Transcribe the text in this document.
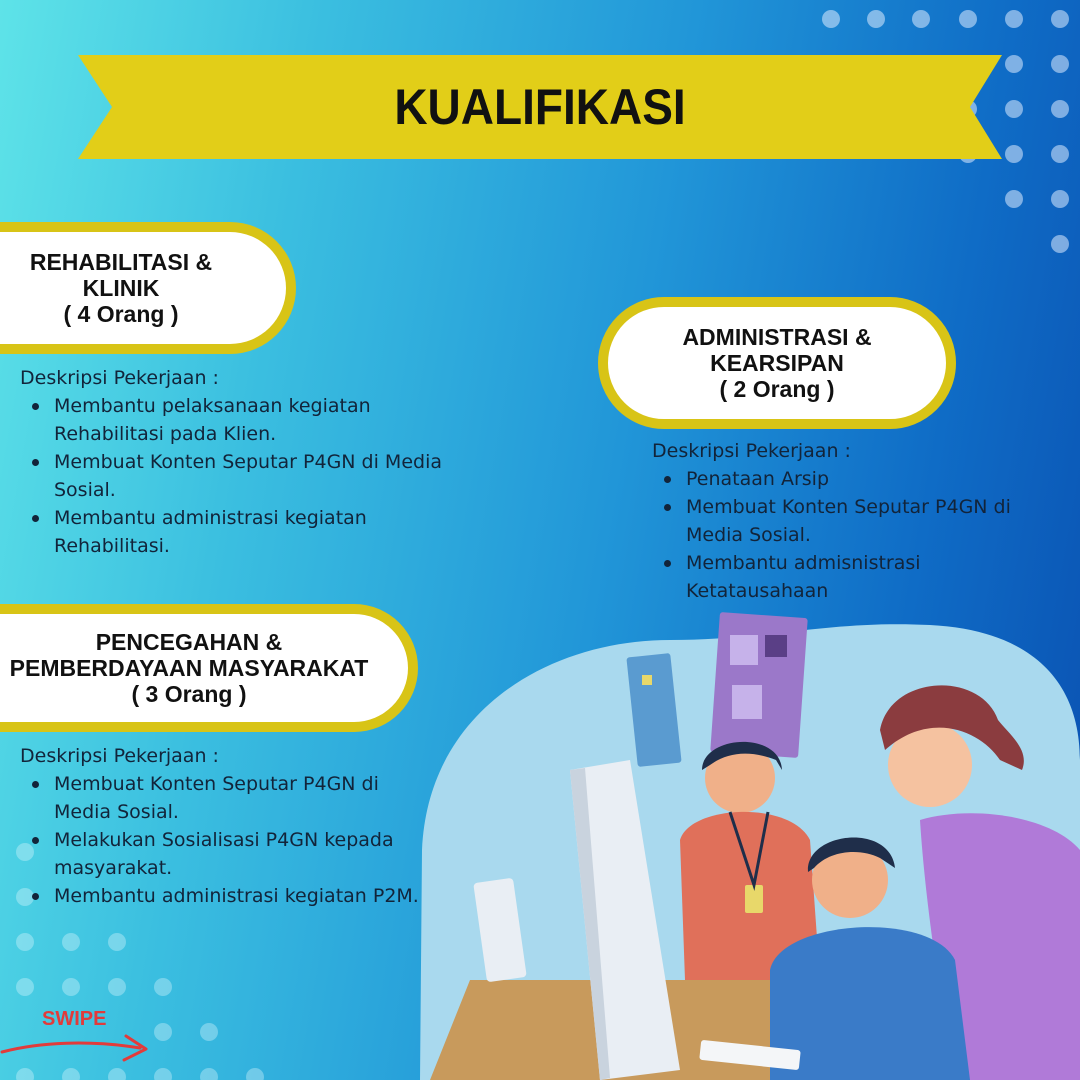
KUALIFIKASI
REHABILITASI &
KLINIK
( 4 Orang )
Deskripsi Pekerjaan :
Membantu pelaksanaan kegiatan Rehabilitasi pada Klien.
Membuat Konten Seputar P4GN di Media Sosial.
Membantu administrasi kegiatan Rehabilitasi.
ADMINISTRASI &
KEARSIPAN
( 2 Orang )
Deskripsi Pekerjaan :
Penataan Arsip
Membuat Konten Seputar P4GN di Media Sosial.
Membantu admisnistrasi Ketatausahaan
PENCEGAHAN &
PEMBERDAYAAN MASYARAKAT
( 3 Orang )
Deskripsi Pekerjaan :
Membuat Konten Seputar P4GN di Media Sosial.
Melakukan Sosialisasi P4GN kepada masyarakat.
Membantu administrasi kegiatan P2M.
SWIPE
